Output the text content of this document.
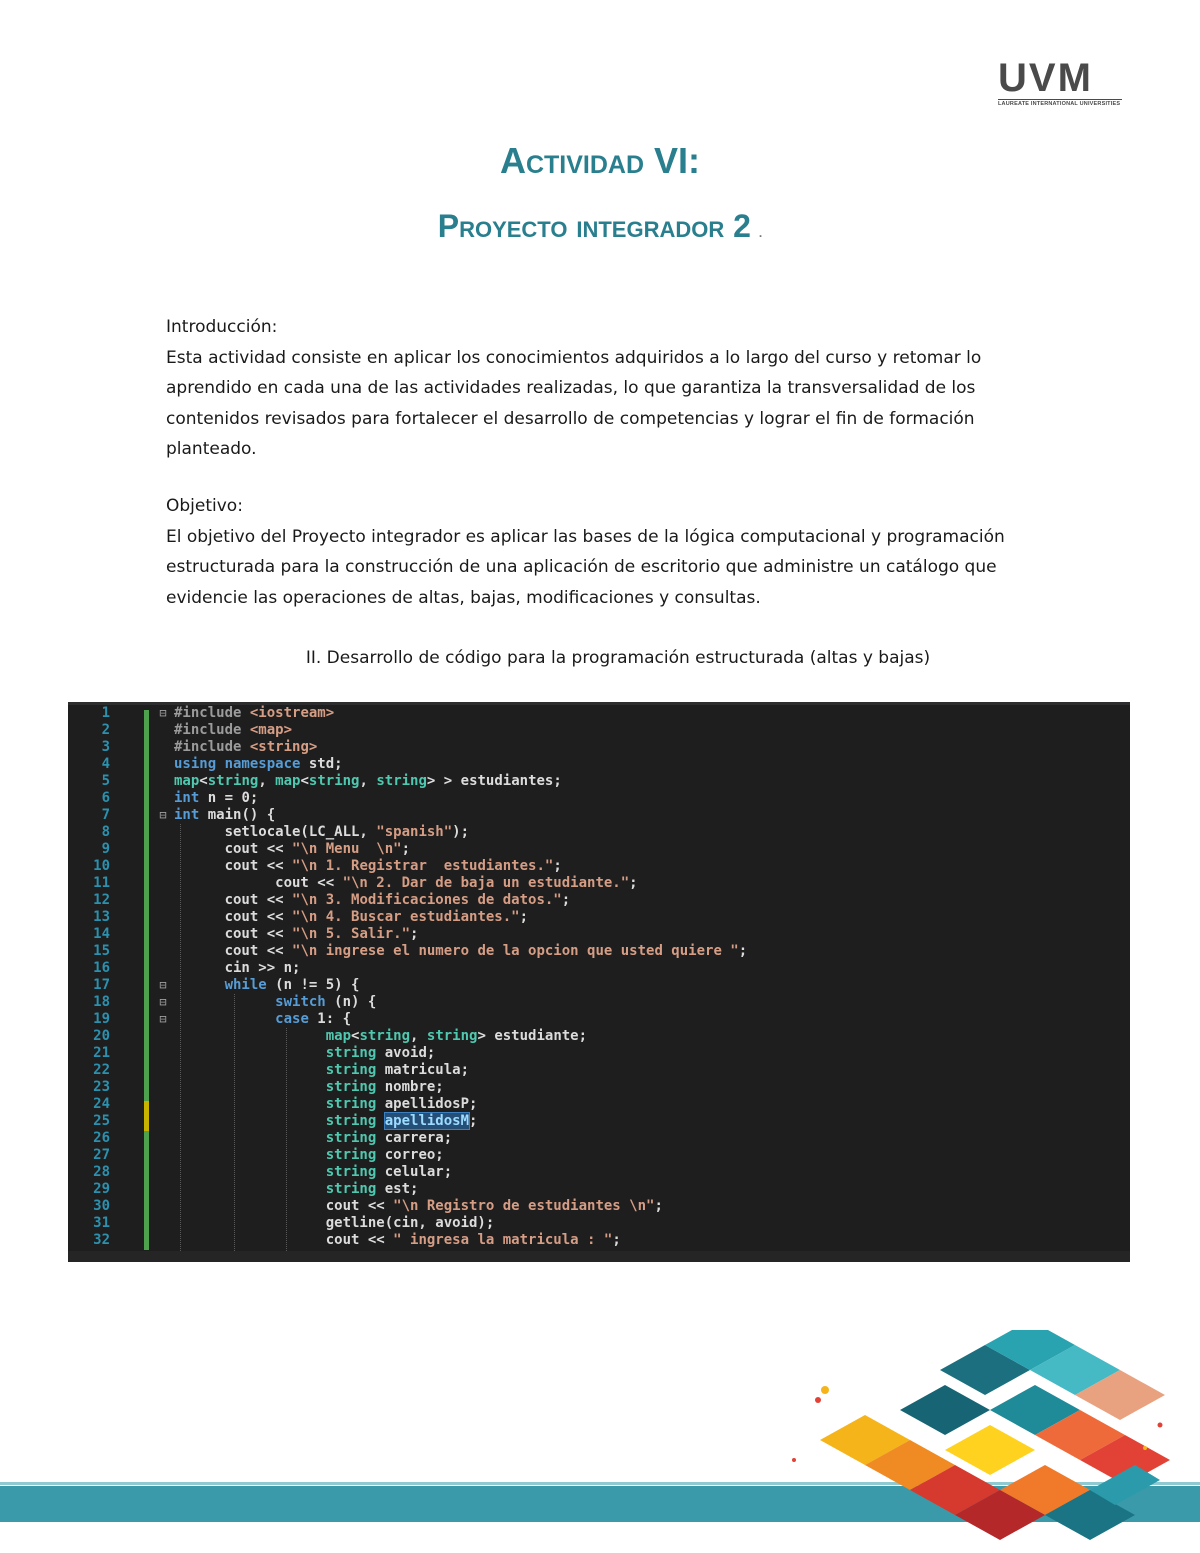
UVM
LAUREATE INTERNATIONAL UNIVERSITIES
Actividad VI:
Proyecto integrador 2 .

Introducción:

Esta actividad consiste en aplicar los conocimientos adquiridos a lo largo del curso y retomar lo aprendido en cada una de las actividades realizadas, lo que garantiza la transversalidad de los contenidos revisados para fortalecer el desarrollo de competencias y lograr el fin de formación planteado.

Objetivo:

El objetivo del Proyecto integrador es aplicar las bases de la lógica computacional y programación estructurada para la construcción de una aplicación de escritorio que administre un catálogo que evidencie las operaciones de altas, bajas, modificaciones y consultas.

II. Desarrollo de código para la programación estructurada (altas y bajas)
1	⊟ #include <iostream>
2	#include <map>
3	#include <string>
4	using namespace std;
5	map<string, map<string, string> > estudiantes;
6	int n = 0;
7	⊟ int main() {
8	setlocale(LC_ALL, "spanish");
9	cout << "\n Menu  \n";
10	cout << "\n 1. Registrar  estudiantes.";
11	cout << "\n 2. Dar de baja un estudiante.";
12	cout << "\n 3. Modificaciones de datos.";
13	cout << "\n 4. Buscar estudiantes.";
14	cout << "\n 5. Salir.";
15	cout << "\n ingrese el numero de la opcion que usted quiere ";
16	cin >> n;
17	⊟	while (n != 5) {
18	⊟	switch (n) {
19	⊟	case 1: {
20	map<string, string> estudiante;
21	string avoid;
22	string matricula;
23	string nombre;
24	string apellidosP;
25	string apellidosM;
26	string carrera;
27	string correo;
28	string celular;
29	string est;
30	cout << "\n Registro de estudiantes \n";
31	getline(cin, avoid);
32	cout << " ingresa la matricula : ";
